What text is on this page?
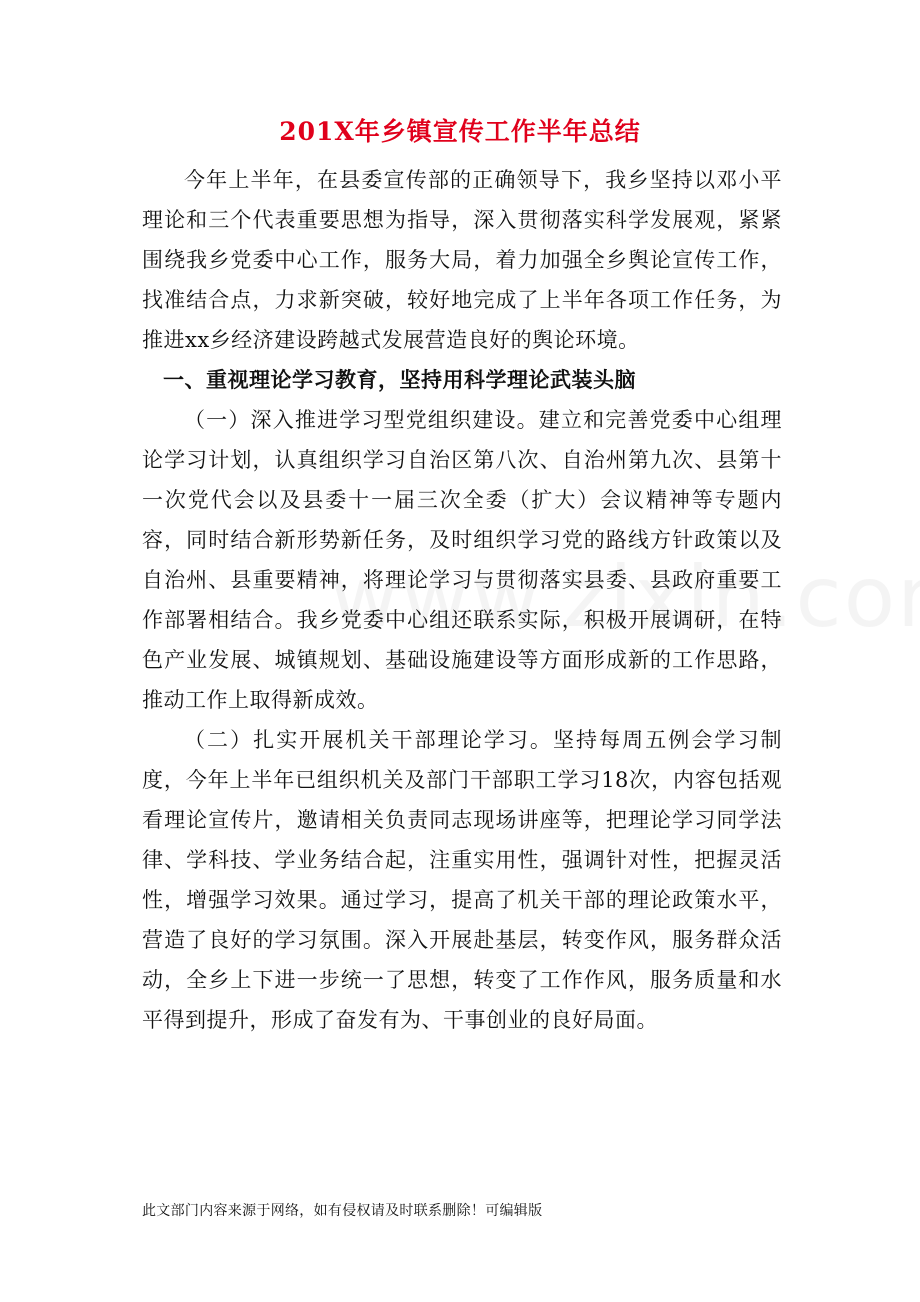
201X年乡镇宣传工作半年总结

今年上半年，在县委宣传部的正确领导下，我乡坚持以邓小平理论和三个代表重要思想为指导，深入贯彻落实科学发展观，紧紧围绕我乡党委中心工作，服务大局，着力加强全乡舆论宣传工作，找准结合点，力求新突破，较好地完成了上半年各项工作任务，为推进xx乡经济建设跨越式发展营造良好的舆论环境。

一、重视理论学习教育，坚持用科学理论武装头脑

（一）深入推进学习型党组织建设。建立和完善党委中心组理论学习计划，认真组织学习自治区第八次、自治州第九次、县第十一次党代会以及县委十一届三次全委（扩大）会议精神等专题内容，同时结合新形势新任务，及时组织学习党的路线方针政策以及自治州、县重要精神，将理论学习与贯彻落实县委、县政府重要工作部署相结合。我乡党委中心组还联系实际，积极开展调研，在特色产业发展、城镇规划、基础设施建设等方面形成新的工作思路，推动工作上取得新成效。

（二）扎实开展机关干部理论学习。坚持每周五例会学习制度，今年上半年已组织机关及部门干部职工学习18次，内容包括观看理论宣传片，邀请相关负责同志现场讲座等，把理论学习同学法律、学科技、学业务结合起，注重实用性，强调针对性，把握灵活性，增强学习效果。通过学习，提高了机关干部的理论政策水平，营造了良好的学习氛围。深入开展赴基层，转变作风，服务群众活动，全乡上下进一步统一了思想，转变了工作作风，服务质量和水平得到提升，形成了奋发有为、干事创业的良好局面。

此文部门内容来源于网络，如有侵权请及时联系删除！可编辑版
